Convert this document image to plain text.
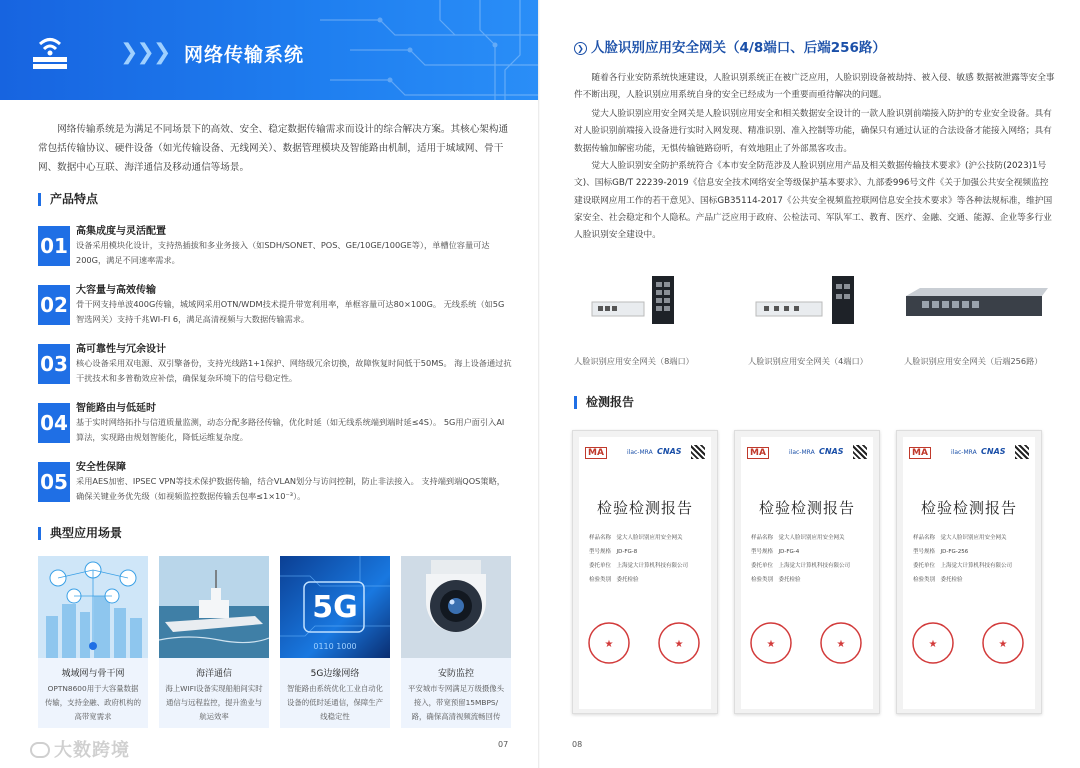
❯❯❯ 网络传输系统

网络传输系统是为满足不同场景下的高效、安全、稳定数据传输需求而设计的综合解决方案。其核心架构通常包括传输协议、硬件设备（如光传输设备、无线网关）、数据管理模块及智能路由机制，适用于城域网、骨干网、数据中心互联、海洋通信及移动通信等场景。

产品特点
01
高集成度与灵活配置
设备采用模块化设计，支持热插拔和多业务接入（如SDH/SONET、POS、GE/10GE/100GE等），单槽位容量可达200G，满足不同速率需求。
02
大容量与高效传输
骨干网支持单波400G传输，城域网采用OTN/WDM技术提升带宽利用率，单框容量可达80×100G。 无线系统（如5G智选网关）支持千兆WI-FI 6，满足高清视频与大数据传输需求。
03
高可靠性与冗余设计
核心设备采用双电源、双引擎备份，支持光线路1+1保护、网络级冗余切换，故障恢复时间低于50MS。 海上设备通过抗干扰技术和多普勒效应补偿，确保复杂环境下的信号稳定性。
04
智能路由与低延时
基于实时网络拓扑与信道质量监测，动态分配多路径传输，优化时延（如无线系统端到端时延≤4S）。 5G用户面引入AI算法，实现路由规划智能化，降低运维复杂度。
05
安全性保障
采用AES加密、IPSEC VPN等技术保护数据传输，结合VLAN划分与访问控制，防止非法接入。 支持端到端QOS策略，确保关键业务优先级（如视频监控数据传输丢包率≤1×10⁻³）。
典型应用场景
城域网与骨干网
OPTN8600用于大容量数据传输，支持金融、政府机构的高带宽需求
海洋通信
海上WIFI设备实现船舶间实时通信与远程监控，提升渔业与航运效率
5G
0110 1000
5G边缘网络
智能路由系统优化工业自动化设备的低时延通信，保障生产线稳定性
安防监控
平安城市专网满足万级摄像头接入，带宽预留15MBPS/路，确保高清视频流畅回传
07
大数跨境
❯ 人脸识别应用安全网关（4/8端口、后端256路）

随着各行业安防系统快速建设，人脸识别系统正在被广泛应用，人脸识别设备被劫持、被入侵、敏感 数据被泄露等安全事件不断出现，人脸识别应用系统自身的安全已经成为一个重要而亟待解决的问题。

觉大人脸识别应用安全网关是人脸识别应用安全和相关数据安全设计的一款人脸识别前端接入防护的专业安全设备。具有对人脸识别前端接入设备进行实时入网发现、精准识别、准入控制等功能，确保只有通过认证的合法设备才能接入网络；具有数据传输加解密功能，无惧传输链路窃听，有效地阻止了外部黑客攻击。

觉大人脸识别安全防护系统符合《本市安全防范涉及人脸识别应用产品及相关数据传输技术要求》(沪公技防(2023)1号文)、国标GB/T 22239-2019《信息安全技术网络安全等级保护基本要求》、九部委996号文件《关于加强公共安全视频监控建设联网应用工作的若干意见》、国标GB35114-2017《公共安全视频监控联网信息安全技术要求》等各种法规标准，维护国家安全、社会稳定和个人隐私。产品广泛应用于政府、公检法司、军队军工、教育、医疗、金融、交通、能源、企业等多行业人脸识别安全建设中。

人脸识别应用安全网关（8端口）	人脸识别应用安全网关（4端口）	人脸识别应用安全网关（后端256路）
检测报告
MA	ilac-MRA CNAS
检验检测报告
样品名称　 觉大人脸识别应用安全网关
型号规格　 JD-FG-8
委托单位　 上海觉大计算机科技有限公司
检验类别　 委托检验
★	★
MA	ilac-MRA CNAS
检验检测报告
样品名称　 觉大人脸识别应用安全网关
型号规格　 JD-FG-4
委托单位　 上海觉大计算机科技有限公司
检验类别　 委托检验
★	★
MA	ilac-MRA CNAS
检验检测报告
样品名称　 觉大人脸识别应用安全网关
型号规格　 JD-FG-256
委托单位　 上海觉大计算机科技有限公司
检验类别　 委托检验
★	★
08
